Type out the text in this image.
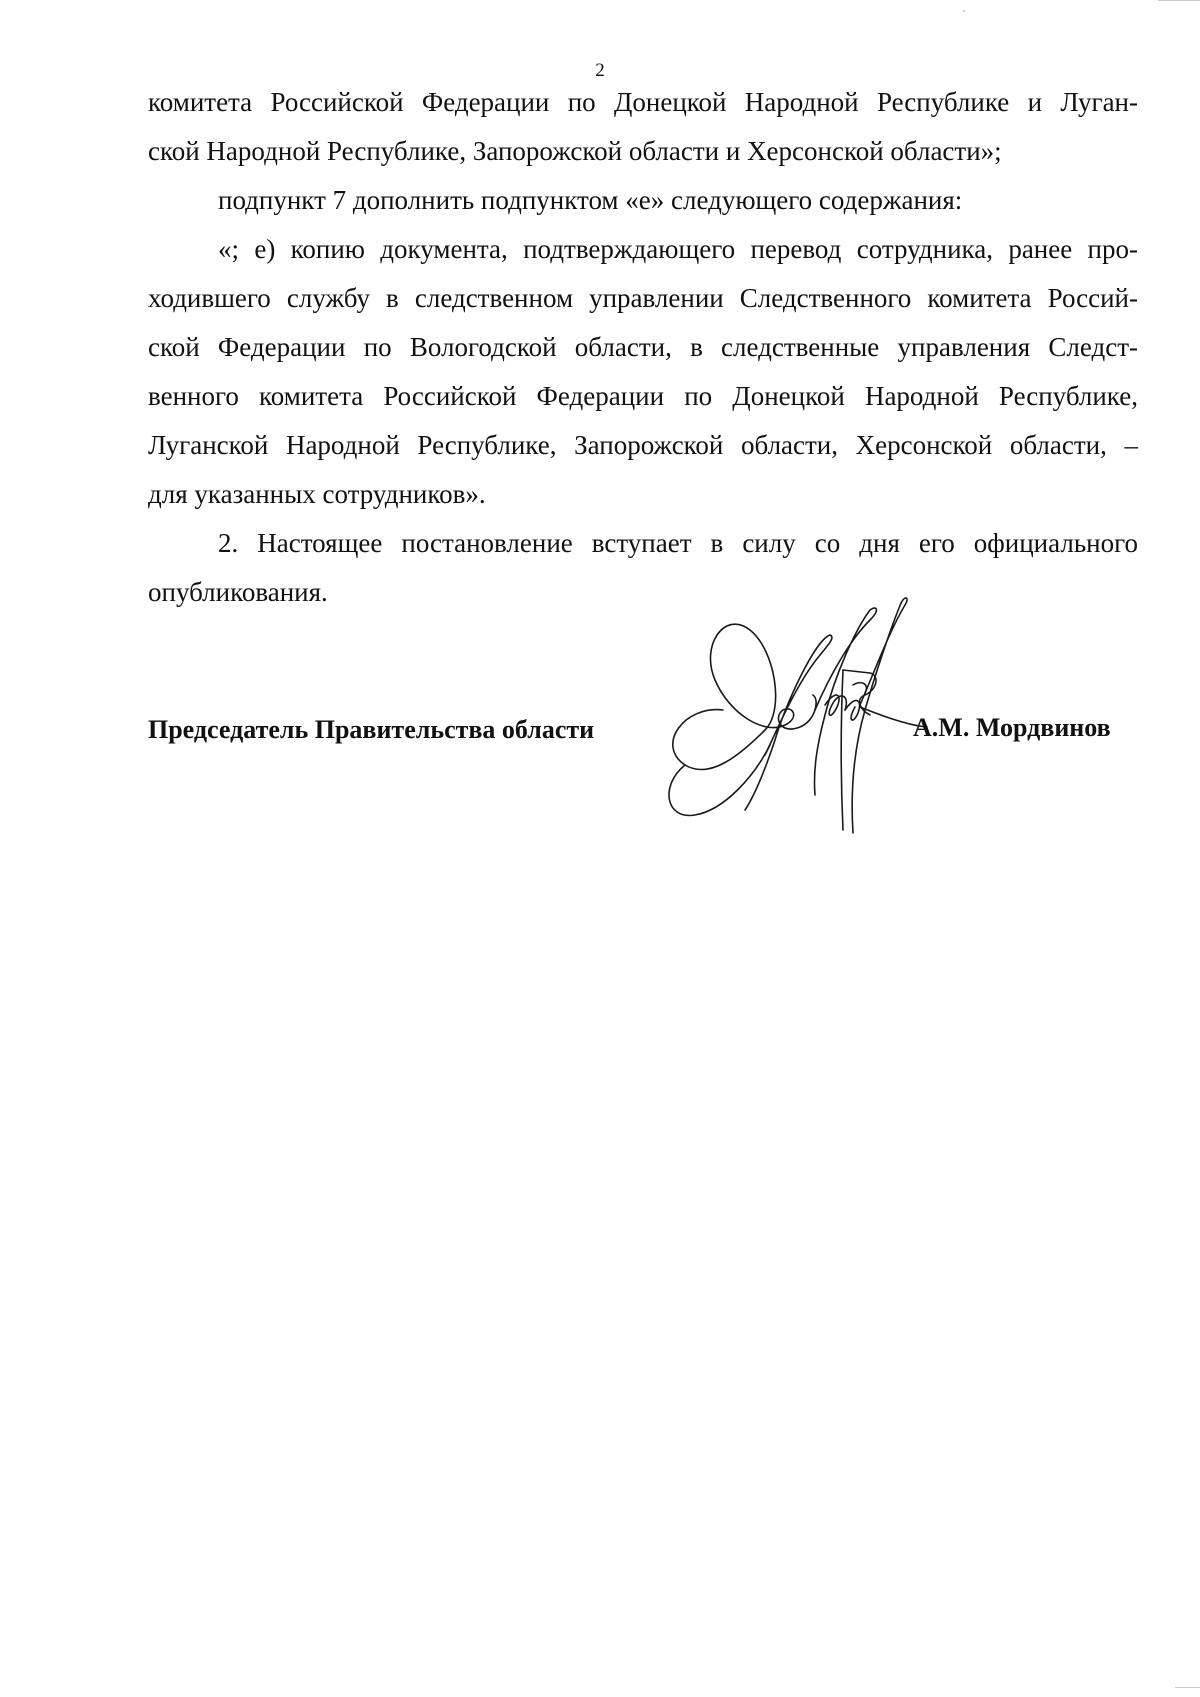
2
комитета Российской Федерации по Донецкой Народной Республике и Луган-
ской Народной Республике, Запорожской области и Херсонской области»;
подпункт 7 дополнить подпунктом «е» следующего содержания:
«; е) копию документа, подтверждающего перевод сотрудника, ранее про-
ходившего службу в следственном управлении Следственного комитета Россий-
ской Федерации по Вологодской области, в следственные управления Следст-
венного комитета Российской Федерации по Донецкой Народной Республике,
Луганской Народной Республике, Запорожской области, Херсонской области, –
для указанных сотрудников».
2. Настоящее постановление вступает в силу со дня его официального
опубликования.
Председатель Правительства области	А.М. Мордвинов
